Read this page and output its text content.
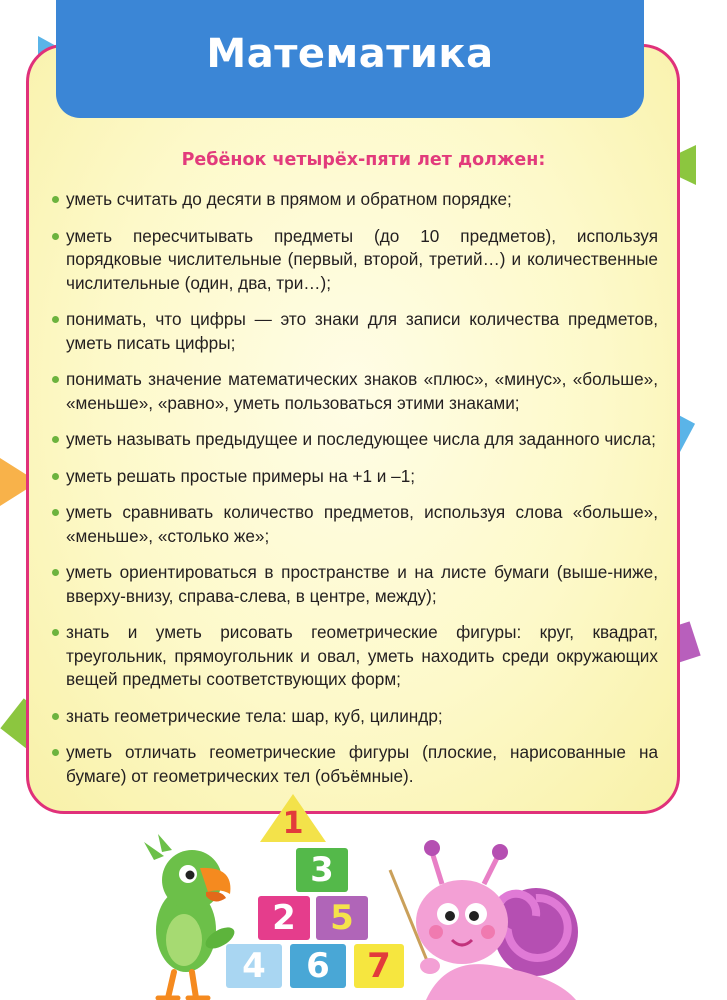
Математика
Ребёнок четырёх-пяти лет должен:
уметь считать до десяти в прямом и обратном порядке;
уметь пересчитывать предметы (до 10 предметов), используя порядковые числительные (первый, второй, третий…) и количественные числительные (один, два, три…);
понимать, что цифры — это знаки для записи количества предметов, уметь писать цифры;
понимать значение математических знаков «плюс», «минус», «больше», «меньше», «равно», уметь пользоваться этими знаками;
уметь называть предыдущее и последующее числа для заданного числа;
уметь решать простые примеры на +1 и –1;
уметь сравнивать количество предметов, используя слова «больше», «меньше», «столько же»;
уметь ориентироваться в пространстве и на листе бумаги (выше-ниже, вверху-внизу, справа-слева, в центре, между);
знать и уметь рисовать геометрические фигуры: круг, квадрат, треугольник, прямоугольник и овал, уметь находить среди окружающих вещей предметы соответствующих форм;
знать геометрические тела: шар, куб, цилиндр;
уметь отличать геометрические фигуры (плоские, нарисованные на бумаге) от геометрических тел (объёмные).
1
3
2	5
4	6	7
